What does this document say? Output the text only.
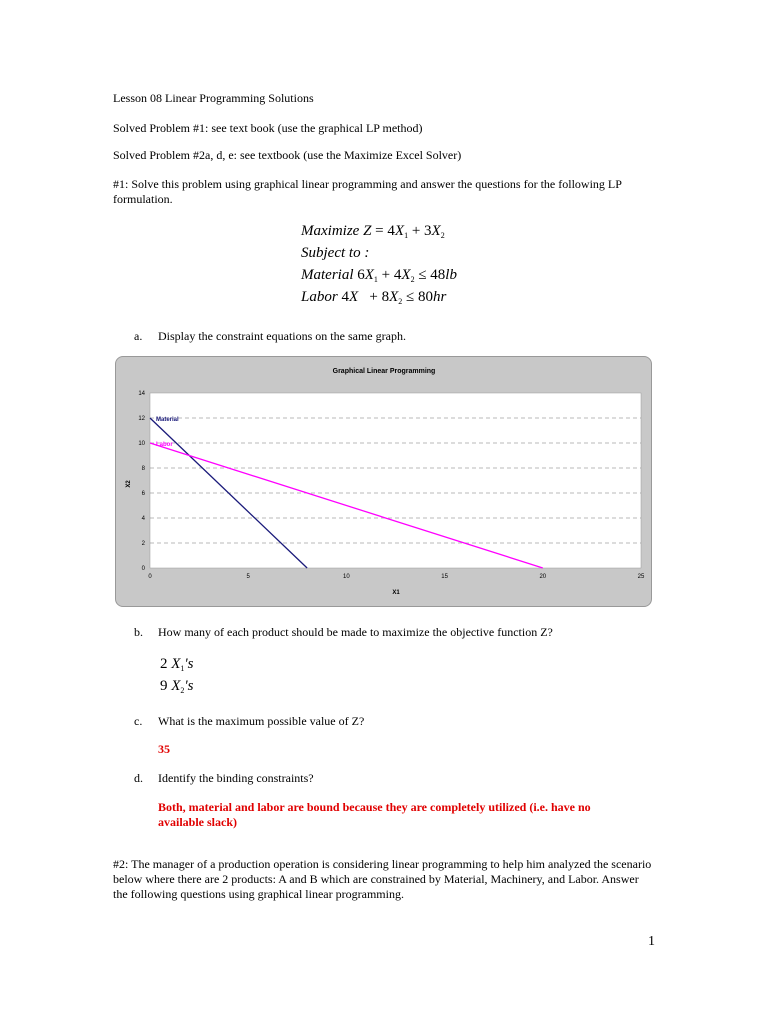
Lesson 08 Linear Programming Solutions

Solved Problem #1: see text book (use the graphical LP method)

Solved Problem #2a, d, e: see textbook (use the Maximize Excel Solver)

#1: Solve this problem using graphical linear programming and answer the questions for the following LP formulation.

Maximize $Z = 4X_1 + 3X_2$
Subject to :
Material $6X_1 + 4X_2 \le 48lb$
Labor $4X + 8X_2 \le 80hr$
a. Display the constraint equations on the same graph.
Graphical Linear Programming
0
2
4
6
8
10
12
14
0	5	10	15	20	25
Material
Labor
X1
X2
b. How many of each product should be made to maximize the objective function Z?
2 $X_1's$
9 $X_2's$
c. What is the maximum possible value of Z?
35
d. Identify the binding constraints?
Both, material and labor are bound because they are completely utilized (i.e. have no available slack)

#2: The manager of a production operation is considering linear programming to help him analyzed the scenario below where there are 2 products: A and B which are constrained by Material, Machinery, and Labor. Answer the following questions using graphical linear programming.

1
